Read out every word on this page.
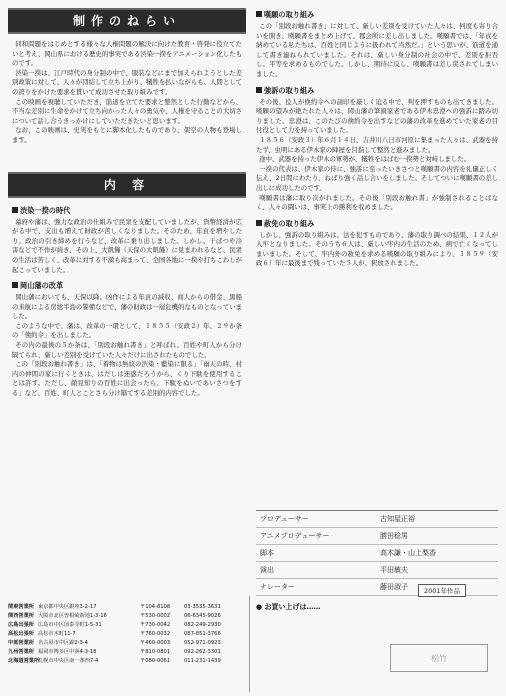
制作のねらい

同和問題をはじめとする様々な人権問題の解決に向けた教育・啓発に役立てたいと考え、岡山県における歴史的事実である渋染一揆をアニメーション化したものです。

渋染一揆は、江戸時代の身分制の中で、服装などにまで加えられようとした差別政策に対して、人々が団結して立ち上がり、犠牲を払いながらも、人間としての誇りをかけた要求を貫いて成功させた取り組みです。

この映画を視聴していただき、筋道を立てた要求と整然とした行動などから、不当な差別に生命をかけて立ち向かった人々の勇気や、人権を守ることの大切さについて話し合うきっかけにしていただきたいと思います。

なお、この映画は、史実をもとに脚本化したものであり、架空の人物も登場します。

内 容
渋染一揆の時代

幕府や藩は、強力な政治の仕組みで民衆を支配していましたが、貨幣経済が広がる中で、支出も増えて財政が苦しくなりました。そのため、年貢を増やしたり、政治の引き締めを行うなど、改革に乗り出しました。しかし、干ばつや冷害などで不作が続き、その上、大飢饉（天保の大飢饉）に見まわれるなど、民衆の生活は苦しく、改革に対する不満も高まって、全国各地に一揆や打ちこわしが起こっていました。

岡山藩の改革

岡山藩においても、天保以降、凶作による年貢の減収、商人からの借金、黒船の来航による房総半島の警備などで、藩の財政は一層危機的なものとなっていました。

このような中で、藩は、改革の一環として、１８５５（安政２）年、２９か条の「倹約令」を出しました。

その内の最後の５か条は、「別段お触れ書き」と呼ばれ、百姓や町人から分け隔てられ、厳しい差別を受けていた人々だけに出されたものでした。

この「別段お触れ書き」は、「着物は無紋の渋染・藍染に限る」「雨天の時、村内の仲間の家に行くときは、はだしは迷惑だろうから、くり下駄を使用することは許す。ただし、顔見知りの百姓に出会ったら、下駄をぬいであいさつをする」など、百姓、町人とことさら分け隔てする差別的内容でした。

嘆願の取り組み

この「別段お触れ書き」に対して、厳しい差別を受けていた人々は、何度も寄り合いを開き、嘆願書をまとめ上げて、郡会所に差し出しました。嘆願書では、「年貢を納めている私たちは、百姓と同じように扱われて当然だ。」という思いが、筋道を通して書き連ねられていました。それは、厳しい身分制の社会の中で、差別を拒否し、平等を求めるものでした。しかし、期待に反し、嘆願書は差し戻されてしまいました。

強訴の取り組み

その後、役人が倹約令への請印を厳しく迫る中で、判を押すものも出てきました。嘆願の望みが絶たれた人々は、岡山藩の筆頭家老である伊木忠澄への強訴に踏み切りました。忠澄は、このたびの倹約令を出すなどの藩の改革を進めていた家老の目付役として力を持っていました。

１８５６（安政３）年６月１４日、吉井川八日市河原に集まった人々は、武器を持たず、虫明にある伊木家の陣屋を目指して整然と進みました。

途中、武器を持った伊木の軍勢が、犠牲をはばむ一揆勢と対峙しました。

一揆の代表は、伊木家の侍に、強訴に至ったいきさつと嘆願書の内容を礼儀正しく伝え、2日間にわたり、ねばり強く話し合いをしました。そしてついに嘆願書の差し出しに成功したのです。

嘆願書は藩に取り次がれました。その後「別段お触れ書」が強制されることはなく、人々の闘いは、事実上の勝利を収めました。

赦免の取り組み

しかし、強訴の取り組みは、法を犯すものであり、藩の取り調べの結果、１２人が入牢となりました。そのうち６人は、厳しい牢内の生活のため、病で亡くなってしまいました。そして、牢内外の赦免を求める嘆願の取り組みにより、１８５９（安政６）年に最後まで残っていた５人が、釈放されました。

プロデューサー	古知屋正裕
アニメプロデューサー	勝田稔男
脚本	高木謙・山上梨香
演出	平田敏夫
ナレーター	藤田淑子	2001年作品
関東営業所 東京都中央区銀座3-2-17	〒104-8108	03-3535-3631
関西営業所 大阪市北区曽根崎新地1-3-16	〒530-0002	06-6345-9026
広島出張所 広島市中区国泰寺町1-5-31	〒730-0042	082-249-2930
高松出張所 高松市木町11-7	〒760-0032	087-851-3766
中部営業所 名古屋市中区錦2-3-4	〒460-0003	052-971-0923
九州営業所 福岡市博多区中洲4-3-18	〒810-0801	092-262-3301
北海道営業所
札幌市中央区南一条西7-4	〒060-0061	011-231-1439
● お買い上げは……
松竹
